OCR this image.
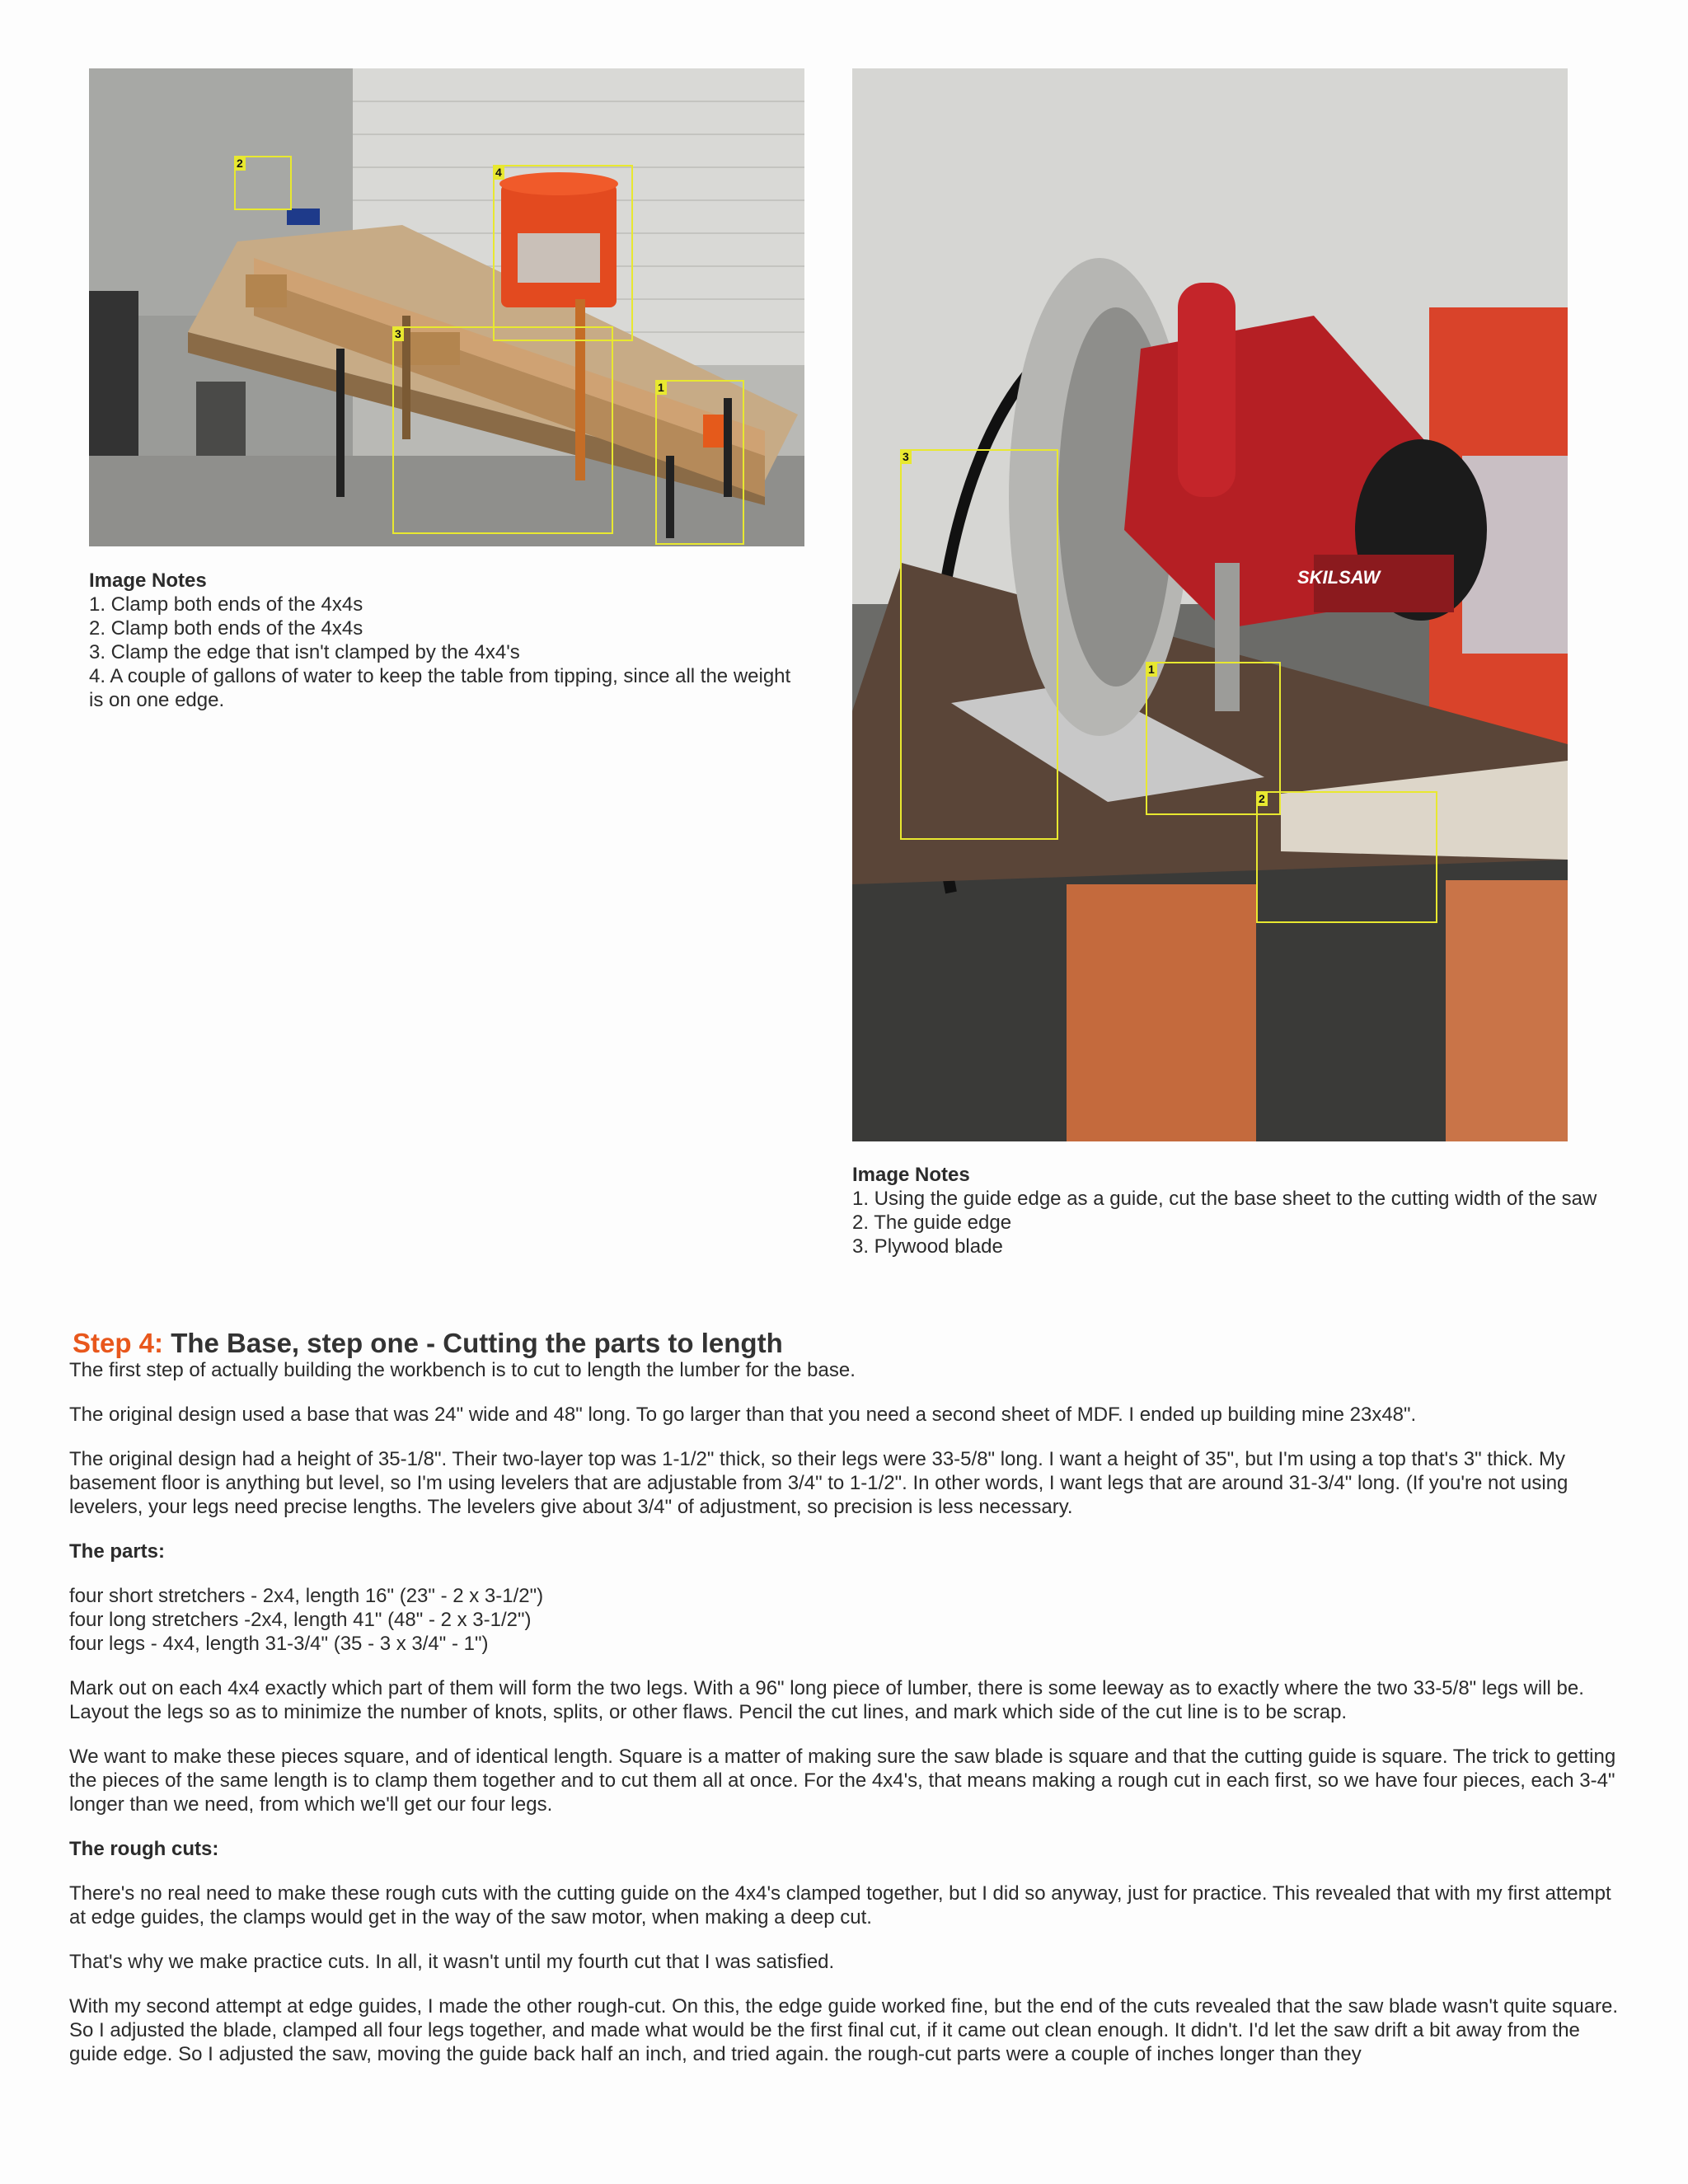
2
4
3
1
Image Notes
1. Clamp both ends of the 4x4s
2. Clamp both ends of the 4x4s
3. Clamp the edge that isn't clamped by the 4x4's
4. A couple of gallons of water to keep the table from tipping, since all the weight is on one edge.
SKILSAW
3
1
2
Image Notes
1. Using the guide edge as a guide, cut the base sheet to the cutting width of the saw
2. The guide edge
3. Plywood blade
Step 4: The Base, step one - Cutting the parts to length

The first step of actually building the workbench is to cut to length the lumber for the base.

The original design used a base that was 24" wide and 48" long. To go larger than that you need a second sheet of MDF. I ended up building mine 23x48".

The original design had a height of 35-1/8". Their two-layer top was 1-1/2" thick, so their legs were 33-5/8" long. I want a height of 35", but I'm using a top that's 3" thick. My basement floor is anything but level, so I'm using levelers that are adjustable from 3/4" to 1-1/2". In other words, I want legs that are around 31-3/4" long. (If you're not using levelers, your legs need precise lengths. The levelers give about 3/4" of adjustment, so precision is less necessary.

The parts:

four short stretchers - 2x4, length 16" (23" - 2 x 3-1/2")
four long stretchers -2x4, length 41" (48" - 2 x 3-1/2")
four legs - 4x4, length 31-3/4" (35 - 3 x 3/4" - 1")

Mark out on each 4x4 exactly which part of them will form the two legs. With a 96" long piece of lumber, there is some leeway as to exactly where the two 33-5/8" legs will be. Layout the legs so as to minimize the number of knots, splits, or other flaws. Pencil the cut lines, and mark which side of the cut line is to be scrap.

We want to make these pieces square, and of identical length. Square is a matter of making sure the saw blade is square and that the cutting guide is square. The trick to getting the pieces of the same length is to clamp them together and to cut them all at once. For the 4x4's, that means making a rough cut in each first, so we have four pieces, each 3-4" longer than we need, from which we'll get our four legs.

The rough cuts:

There's no real need to make these rough cuts with the cutting guide on the 4x4's clamped together, but I did so anyway, just for practice. This revealed that with my first attempt at edge guides, the clamps would get in the way of the saw motor, when making a deep cut.

That's why we make practice cuts. In all, it wasn't until my fourth cut that I was satisfied.

With my second attempt at edge guides, I made the other rough-cut. On this, the edge guide worked fine, but the end of the cuts revealed that the saw blade wasn't quite square. So I adjusted the blade, clamped all four legs together, and made what would be the first final cut, if it came out clean enough. It didn't. I'd let the saw drift a bit away from the guide edge. So I adjusted the saw, moving the guide back half an inch, and tried again. the rough-cut parts were a couple of inches longer than they
